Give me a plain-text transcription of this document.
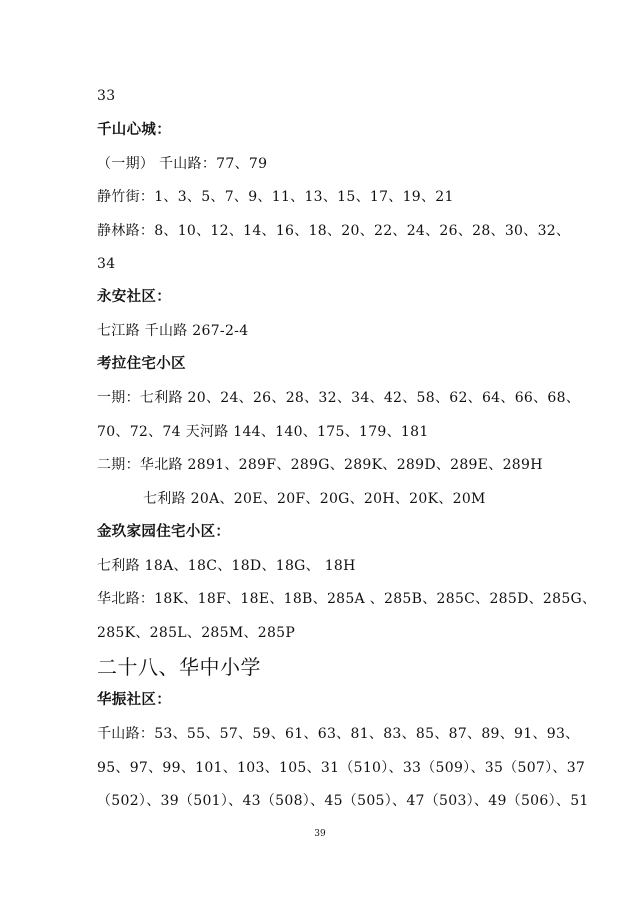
33
千山心城：
（一期） 千山路：77、79
静竹街：1、3、5、7、9、11、13、15、17、19、21
静林路：8、10、12、14、16、18、20、22、24、26、28、30、32、
34
永安社区：
七江路 千山路 267-2-4
考拉住宅小区
一期：七利路 20、24、26、28、32、34、42、58、62、64、66、68、
70、72、74 天河路 144、140、175、179、181
二期：华北路 2891、289F、289G、289K、289D、289E、289H
七利路 20A、20E、20F、20G、20H、20K、20M
金玖家园住宅小区：
七利路 18A、18C、18D、18G、 18H
华北路：18K、18F、18E、18B、285A 、285B、285C、285D、285G、
285K、285L、285M、285P
二十八、华中小学
华振社区：
千山路：53、55、57、59、61、63、81、83、85、87、89、91、93、
95、97、99、101、103、105、31（510）、33（509）、35（507）、37
（502）、39（501）、43（508）、45（505）、47（503）、49（506）、51
39
